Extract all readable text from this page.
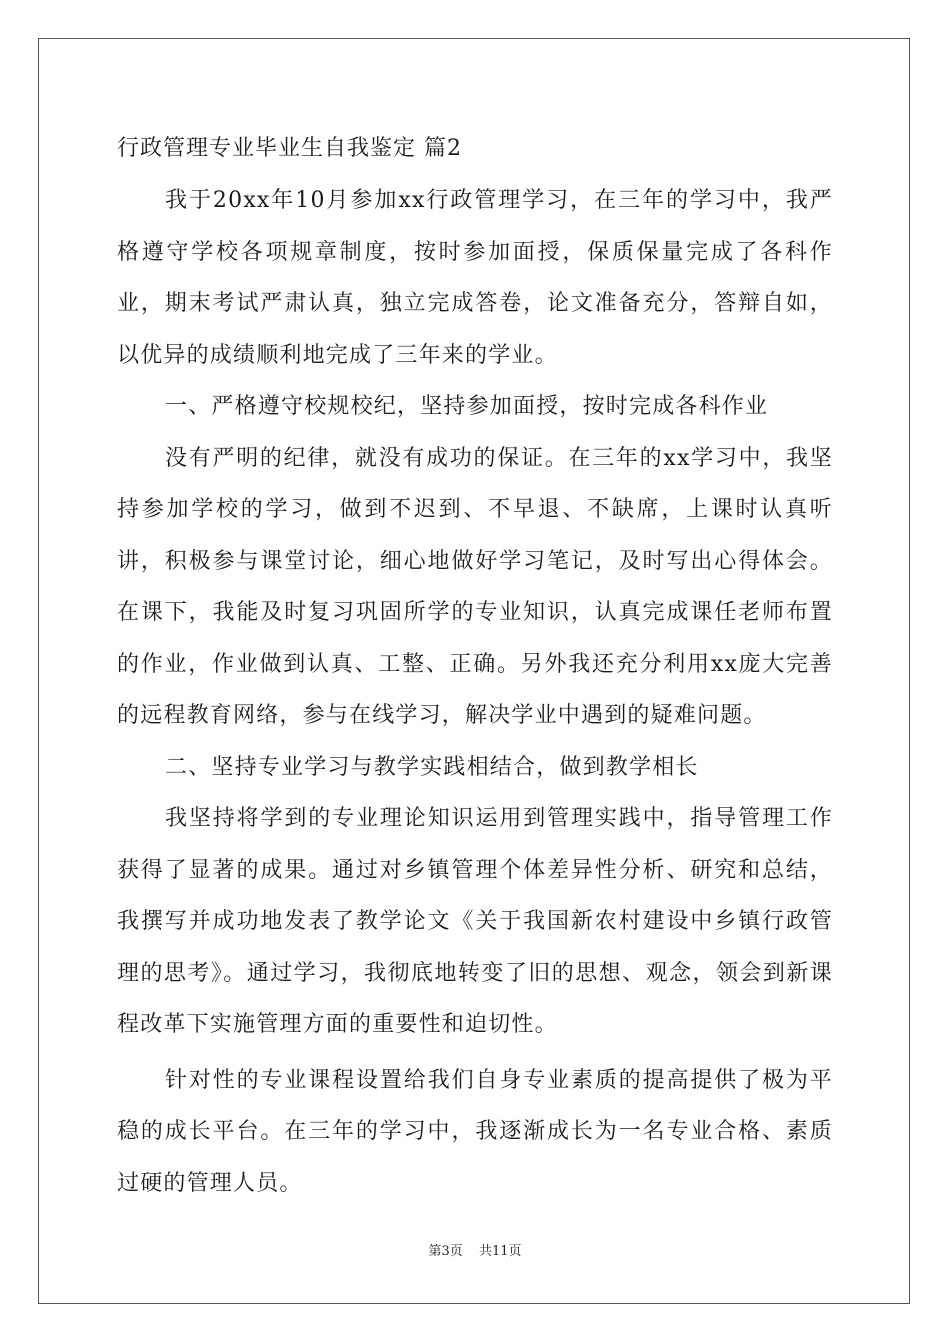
行政管理专业毕业生自我鉴定 篇2

我于20xx年10月参加xx行政管理学习，在三年的学习中，我严格遵守学校各项规章制度，按时参加面授，保质保量完成了各科作业，期末考试严肃认真，独立完成答卷，论文准备充分，答辩自如，以优异的成绩顺利地完成了三年来的学业。

一、严格遵守校规校纪，坚持参加面授，按时完成各科作业

没有严明的纪律，就没有成功的保证。在三年的xx学习中，我坚持参加学校的学习，做到不迟到、不早退、不缺席，上课时认真听讲，积极参与课堂讨论，细心地做好学习笔记，及时写出心得体会。在课下，我能及时复习巩固所学的专业知识，认真完成课任老师布置的作业，作业做到认真、工整、正确。另外我还充分利用xx庞大完善的远程教育网络，参与在线学习，解决学业中遇到的疑难问题。

二、坚持专业学习与教学实践相结合，做到教学相长

我坚持将学到的专业理论知识运用到管理实践中，指导管理工作获得了显著的成果。通过对乡镇管理个体差异性分析、研究和总结，我撰写并成功地发表了教学论文《关于我国新农村建设中乡镇行政管理的思考》。通过学习，我彻底地转变了旧的思想、观念，领会到新课程改革下实施管理方面的重要性和迫切性。

针对性的专业课程设置给我们自身专业素质的提高提供了极为平稳的成长平台。在三年的学习中，我逐渐成长为一名专业合格、素质过硬的管理人员。

第3页 共11页
